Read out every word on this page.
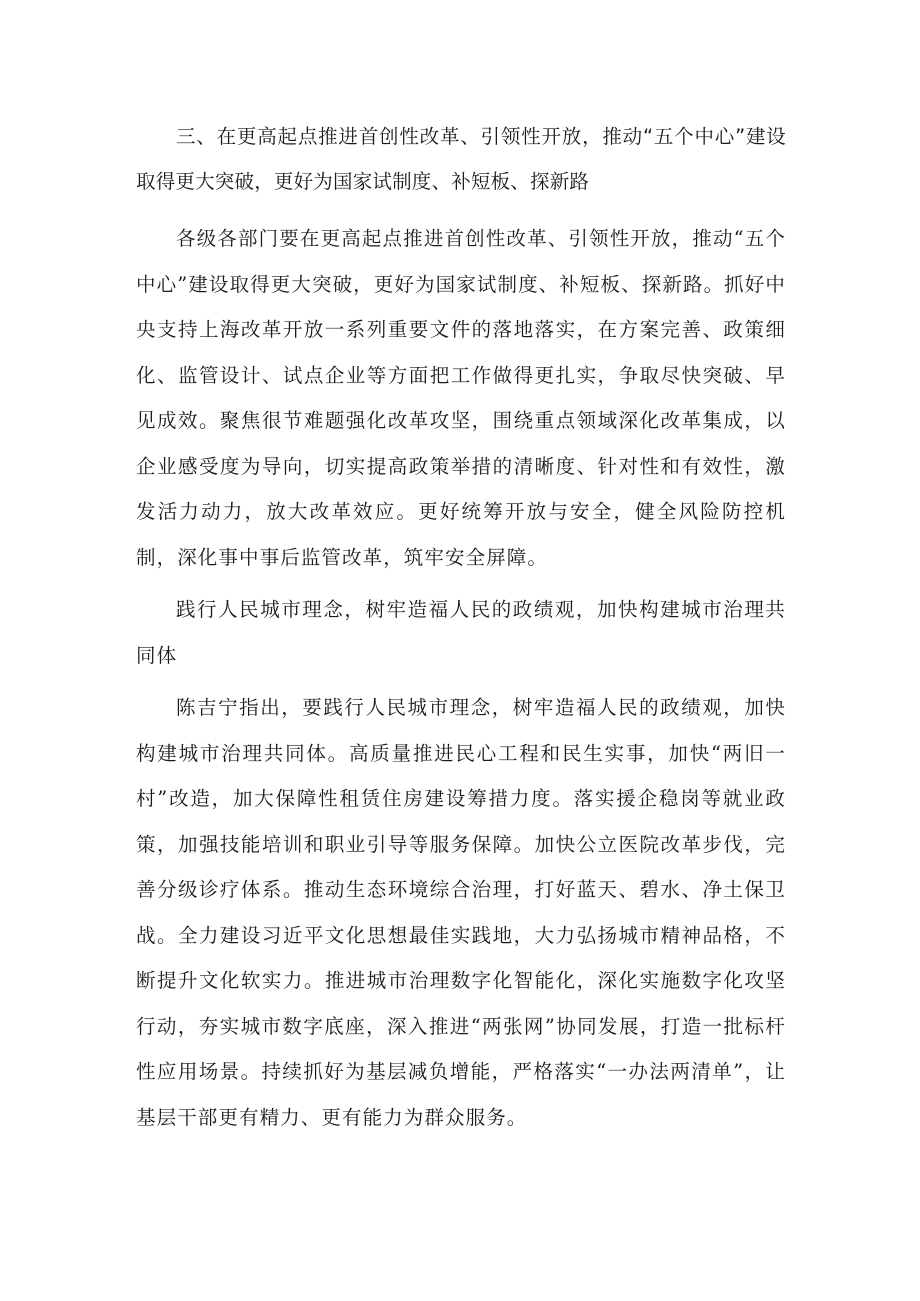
三、在更高起点推进首创性改革、引领性开放，推动“五个中心”建设取得更大突破，更好为国家试制度、补短板、探新路

各级各部门要在更高起点推进首创性改革、引领性开放，推动“五个中心”建设取得更大突破，更好为国家试制度、补短板、探新路。抓好中央支持上海改革开放一系列重要文件的落地落实，在方案完善、政策细化、监管设计、试点企业等方面把工作做得更扎实，争取尽快突破、早见成效。聚焦很节难题强化改革攻坚，围绕重点领域深化改革集成，以企业感受度为导向，切实提高政策举措的清晰度、针对性和有效性，激发活力动力，放大改革效应。更好统筹开放与安全，健全风险防控机制，深化事中事后监管改革，筑牢安全屏障。

践行人民城市理念，树牢造福人民的政绩观，加快构建城市治理共同体

陈吉宁指出，要践行人民城市理念，树牢造福人民的政绩观，加快构建城市治理共同体。高质量推进民心工程和民生实事，加快“两旧一村”改造，加大保障性租赁住房建设筹措力度。落实援企稳岗等就业政策，加强技能培训和职业引导等服务保障。加快公立医院改革步伐，完善分级诊疗体系。推动生态环境综合治理，打好蓝天、碧水、净土保卫战。全力建设习近平文化思想最佳实践地，大力弘扬城市精神品格，不断提升文化软实力。推进城市治理数字化智能化，深化实施数字化攻坚行动，夯实城市数字底座，深入推进“两张网”协同发展，打造一批标杆性应用场景。持续抓好为基层减负增能，严格落实“一办法两清单”，让基层干部更有精力、更有能力为群众服务。
